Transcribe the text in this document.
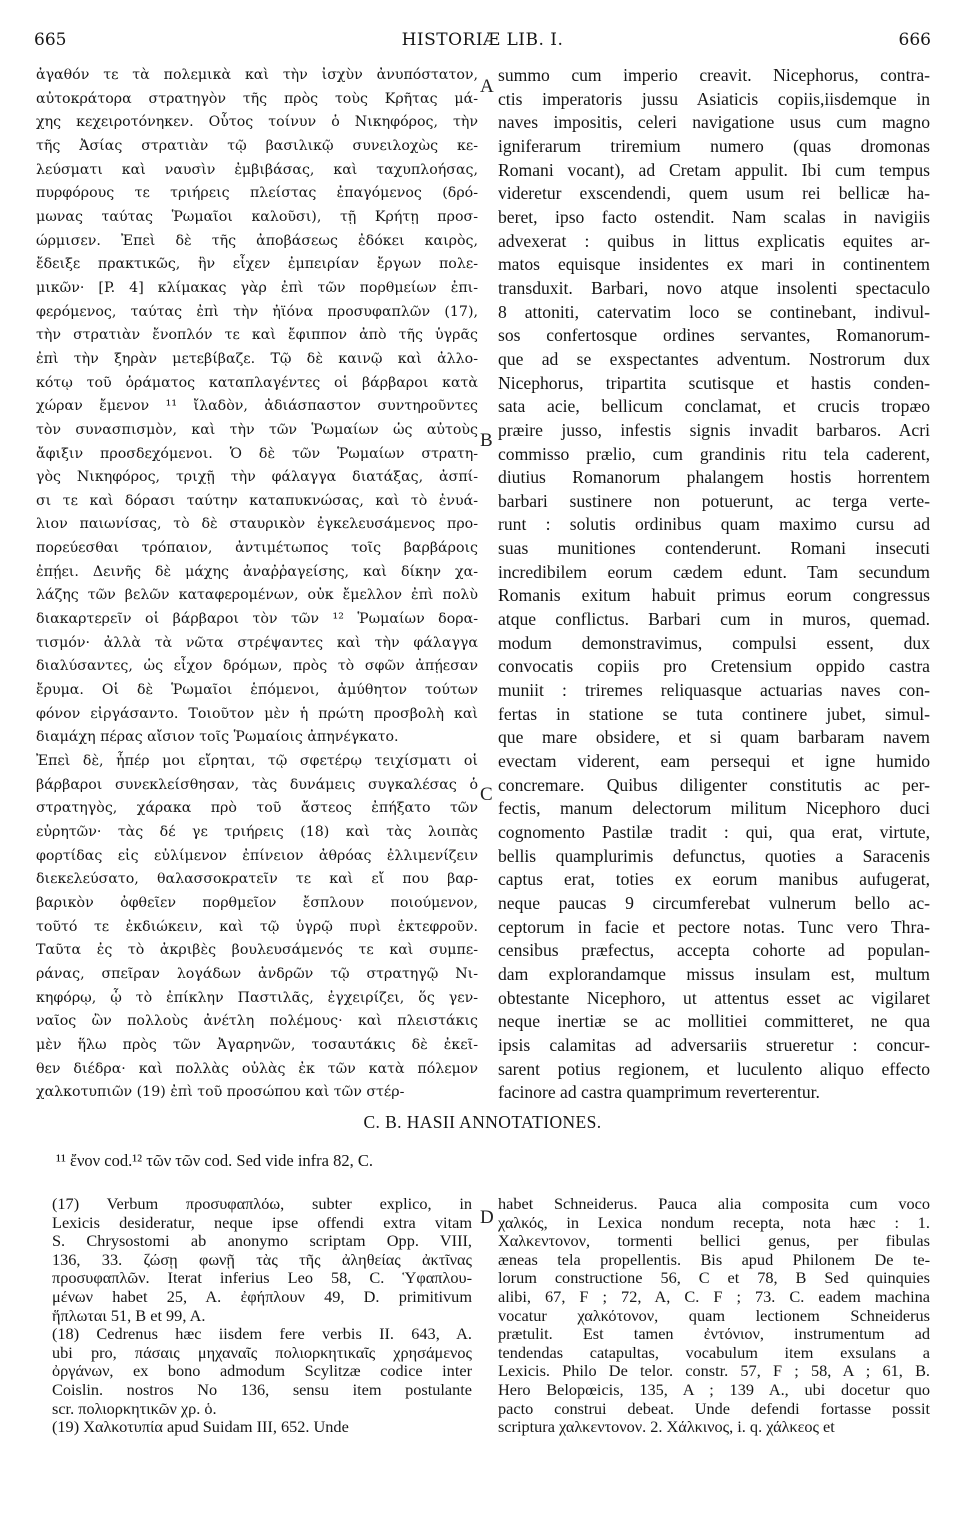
665	HISTORIÆ LIB. I.	666
ἀγαθόν τε τὰ πολεμικὰ καὶ τὴν ἰσχὺν ἀνυπόστατον,
αὐτοκράτορα στρατηγὸν τῆς πρὸς τοὺς Κρῆτας μά-
χης κεχειροτόνηκεν. Οὗτος τοίνυν ὁ Νικηφόρος, τὴν
τῆς Ἀσίας στρατιὰν τῷ βασιλικῷ συνειλοχὼς κε-
λεύσματι καὶ ναυσὶν ἐμβιβάσας, καὶ ταχυπλοήσας,
πυρφόρους τε τριήρεις πλείστας ἐπαγόμενος (δρό-
μωνας ταύτας Ῥωμαῖοι καλοῦσι), τῇ Κρήτῃ προσ-
ώρμισεν. Ἐπεὶ δὲ τῆς ἀποβάσεως ἐδόκει καιρὸς,
ἔδειξε πρακτικῶς, ἣν εἶχεν ἐμπειρίαν ἔργων πολε-
μικῶν· [P. 4] κλίμακας γὰρ ἐπὶ τῶν πορθμείων ἐπι-
φερόμενος, ταύτας ἐπὶ τὴν ἠϊόνα προσυφαπλῶν (17),
τὴν στρατιὰν ἔνοπλόν τε καὶ ἔφιππον ἀπὸ τῆς ὑγρᾶς
ἐπὶ τὴν ξηρὰν μετεβίβαζε. Τῷ δὲ καινῷ καὶ ἀλλο-
κότῳ τοῦ ὁράματος καταπλαγέντες οἱ βάρβαροι κατὰ
χώραν ἔμενον ¹¹ ἴλαδὸν, ἀδιάσπαστον συντηροῦντες
τὸν συνασπισμὸν, καὶ τὴν τῶν Ῥωμαίων ὡς αὐτοὺς
ἄφιξιν προσδεχόμενοι. Ὁ δὲ τῶν Ῥωμαίων στρατη-
γὸς Νικηφόρος, τριχῇ τὴν φάλαγγα διατάξας, ἀσπί-
σι τε καὶ δόρασι ταύτην καταπυκνώσας, καὶ τὸ ἐνυά-
λιον παιωνίσας, τὸ δὲ σταυρικὸν ἐγκελευσάμενος προ-
πορεύεσθαι τρόπαιον, ἀντιμέτωπος τοῖς βαρβάροις
ἐπῄει. Δεινῆς δὲ μάχης ἀναῤῥαγείσης, καὶ δίκην χα-
λάζης τῶν βελῶν καταφερομένων, οὐκ ἔμελλον ἐπὶ πολὺ
διακαρτερεῖν οἱ βάρβαροι τὸν τῶν ¹² Ῥωμαίων δορα-
τισμόν· ἀλλὰ τὰ νῶτα στρέψαντες καὶ τὴν φάλαγγα
διαλύσαντες, ὡς εἶχον δρόμων, πρὸς τὸ σφῶν ἀπῄεσαν
ἔρυμα. Οἱ δὲ Ῥωμαῖοι ἑπόμενοι, ἀμύθητον τούτων
φόνον εἰργάσαντο. Τοιοῦτον μὲν ἡ πρώτη προσβολὴ καὶ
διαμάχη πέρας αἴσιον τοῖς Ῥωμαίοις ἀπηνέγκατο.
Ἐπεὶ δὲ, ἧπέρ μοι εἴρηται, τῷ σφετέρῳ τειχίσματι οἱ
βάρβαροι συνεκλείσθησαν, τὰς δυνάμεις συγκαλέσας ὁ
στρατηγὸς, χάρακα πρὸ τοῦ ἄστεος ἐπήξατο τῶν
εὐρητῶν· τὰς δέ γε τριήρεις (18) καὶ τὰς λοιπὰς
φορτίδας εἰς εὐλίμενον ἐπίνειον ἀθρόας ἐλλιμενίζειν
διεκελεύσατο, θαλασσοκρατεῖν τε καὶ εἴ που βαρ-
βαρικὸν ὀφθεῖεν πορθμεῖον ἔσπλουν ποιούμενον,
τοῦτό τε ἐκδιώκειν, καὶ τῷ ὑγρῷ πυρὶ ἐκτεφροῦν.
Ταῦτα ἐς τὸ ἀκριβὲς βουλευσάμενός τε καὶ συμπε-
ράνας, σπεῖραν λογάδων ἀνδρῶν τῷ στρατηγῷ Νι-
κηφόρῳ, ᾧ τὸ ἐπίκλην Παστιλᾶς, ἐγχειρίζει, ὅς γεν-
ναῖος ὢν πολλοὺς ἀνέτλη πολέμους· καὶ πλειστάκις
μὲν ἥλω πρὸς τῶν Ἀγαρηνῶν, τοσαυτάκις δὲ ἐκεῖ-
θεν διέδρα· καὶ πολλὰς οὐλὰς ἐκ τῶν κατὰ πόλεμον
χαλκοτυπιῶν (19) ἐπὶ τοῦ προσώπου καὶ τῶν στέρ-
summo cum imperio creavit. Nicephorus, contra-
ctis imperatoris jussu Asiaticis copiis,iisdemque in
naves impositis, celeri navigatione usus cum magno
igniferarum triremium numero (quas dromonas
Romani vocant), ad Cretam appulit. Ibi cum tempus
videretur exscendendi, quem usum rei bellicæ ha-
beret, ipso facto ostendit. Nam scalas in navigiis
advexerat : quibus in littus explicatis equites ar-
matos equisque insidentes ex mari in continentem
transduxit. Barbari, novo atque insolenti spectaculo
8 attoniti, catervatim loco se continebant, indivul-
sos confertosque ordines servantes, Romanorum-
que ad se exspectantes adventum. Nostrorum dux
Nicephorus, tripartita scutisque et hastis conden-
sata acie, bellicum conclamat, et crucis tropæo
præire jusso, infestis signis invadit barbaros. Acri
commisso prælio, cum grandinis ritu tela caderent,
diutius Romanorum phalangem hostis horrentem
barbari sustinere non potuerunt, ac terga verte-
runt : solutis ordinibus quam maximo cursu ad
suas munitiones contenderunt. Romani insecuti
incredibilem eorum cædem edunt. Tam secundum
Romanis exitum habuit primus eorum congressus
atque conflictus. Barbari cum in muros, quemad.
modum demonstravimus, compulsi essent, dux
convocatis copiis pro Cretensium oppido castra
muniit : triremes reliquasque actuarias naves con-
fertas in statione se tuta continere jubet, simul-
que mare obsidere, et si quam barbaram navem
evectam viderent, eam persequi et igne humido
concremare. Quibus diligenter constitutis ac per-
fectis, manum delectorum militum Nicephoro duci
cognomento Pastilæ tradit : qui, qua erat, virtute,
bellis quamplurimis defunctus, quoties a Saracenis
captus erat, toties ex eorum manibus aufugerat,
neque paucas 9 circumferebat vulnerum bello ac-
ceptorum in facie et pectore notas. Tunc vero Thra-
censibus præfectus, accepta cohorte ad populan-
dam explorandamque missus insulam est, multum
obtestante Nicephoro, ut attentus esset ac vigilaret
neque inertiæ se ac mollitiei committeret, ne qua
ipsis calamitas ad adversariis strueretur : concur-
sarent potius regionem, et luculento aliquo effecto
facinore ad castra quamprimum reverterentur.
A
B
C
D
C. B. HASII ANNOTATIONES.
¹¹ ἔνον cod.¹² τῶν τῶν cod. Sed vide infra 82, C.
(17) Verbum προσυφαπλόω, subter explico, in
Lexicis desideratur, neque ipse offendi extra vitam
S. Chrysostomi ab anonymo scriptam Opp. VIII,
136, 33. ζώσῃ φωνῇ τὰς τῆς ἀληθείας ἀκτῖνας
προσυφαπλῶν. Iterat inferius Leo 58, C. Ὑφαπλου-
μένων habet 25, A. ἐφήπλουν 49, D. primitivum
ἥπλωται 51, B et 99, A.
(18) Cedrenus hæc iisdem fere verbis II. 643, A.
ubi pro, πάσαις μηχαναῖς πολιορκητικαῖς χρησάμενος
ὀργάνων, ex bono admodum Scylitzæ codice inter
Coislin. nostros No 136, sensu item postulante
scr. πολιορκητικῶν χρ. ὁ.
(19) Χαλκοτυπία apud Suidam III, 652. Unde
habet Schneiderus. Pauca alia composita cum voco
χαλκός, in Lexica nondum recepta, nota hæc : 1.
Χαλκεντονον, tormenti bellici genus, per fibulas
æneas tela propellentis. Bis apud Philonem De te-
lorum constructione 56, C et 78, B Sed quinquies
alibi, 67, F ; 72, A, C. F ; 73. C. eadem machina
vocatur χαλκότονον, quam lectionem Schneiderus
prætulit. Est tamen ἐντόνιον, instrumentum ad
tendendas catapultas, vocabulum item exsulans a
Lexicis. Philo De telor. constr. 57, F ; 58, A ; 61, B.
Hero Belopœicis, 135, A ; 139 A., ubi docetur quo
pacto construi debeat. Unde defendi fortasse possit
scriptura χαλκεντονον. 2. Χάλκινος, i. q. χάλκεος et
